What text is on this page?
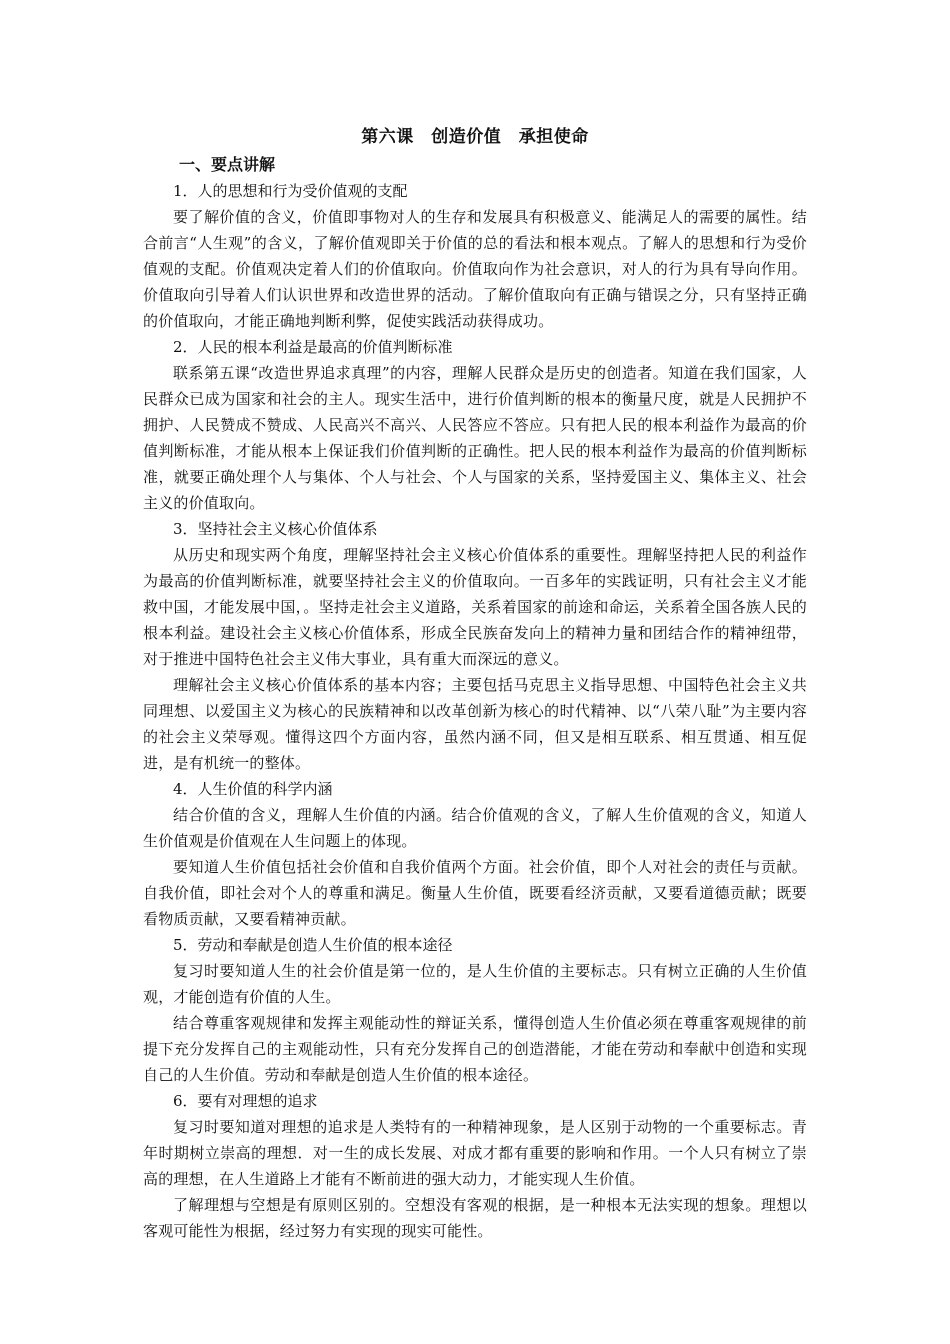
第六课　创造价值　承担使命
一、要点讲解
1．人的思想和行为受价值观的支配

要了解价值的含义，价值即事物对人的生存和发展具有积极意义、能满足人的需要的属性。结合前言“人生观”的含义，了解价值观即关于价值的总的看法和根本观点。了解人的思想和行为受价值观的支配。价值观决定着人们的价值取向。价值取向作为社会意识，对人的行为具有导向作用。价值取向引导着人们认识世界和改造世界的活动。了解价值取向有正确与错误之分，只有坚持正确的价值取向，才能正确地判断利弊，促使实践活动获得成功。

2．人民的根本利益是最高的价值判断标准

联系第五课“改造世界追求真理”的内容，理解人民群众是历史的创造者。知道在我们国家，人民群众已成为国家和社会的主人。现实生活中，进行价值判断的根本的衡量尺度，就是人民拥护不拥护、人民赞成不赞成、人民高兴不高兴、人民答应不答应。只有把人民的根本利益作为最高的价值判断标准，才能从根本上保证我们价值判断的正确性。把人民的根本利益作为最高的价值判断标准，就要正确处理个人与集体、个人与社会、个人与国家的关系，坚持爱国主义、集体主义、社会主义的价值取向。

3．坚持社会主义核心价值体系

从历史和现实两个角度，理解坚持社会主义核心价值体系的重要性。理解坚持把人民的利益作为最高的价值判断标准，就要坚持社会主义的价值取向。一百多年的实践证明，只有社会主义才能救中国，才能发展中国，。坚持走社会主义道路，关系着国家的前途和命运，关系着全国各族人民的根本利益。建设社会主义核心价值体系，形成全民族奋发向上的精神力量和团结合作的精神纽带，对于推进中国特色社会主义伟大事业，具有重大而深远的意义。

理解社会主义核心价值体系的基本内容；主要包括马克思主义指导思想、中国特色社会主义共同理想、以爱国主义为核心的民族精神和以改革创新为核心的时代精神、以“八荣八耻”为主要内容的社会主义荣辱观。懂得这四个方面内容，虽然内涵不同，但又是相互联系、相互贯通、相互促进，是有机统一的整体。

4．人生价值的科学内涵

结合价值的含义，理解人生价值的内涵。结合价值观的含义，了解人生价值观的含义，知道人生价值观是价值观在人生问题上的体现。

要知道人生价值包括社会价值和自我价值两个方面。社会价值，即个人对社会的责任与贡献。自我价值，即社会对个人的尊重和满足。衡量人生价值，既要看经济贡献，又要看道德贡献；既要看物质贡献，又要看精神贡献。

5．劳动和奉献是创造人生价值的根本途径

复习时要知道人生的社会价值是第一位的，是人生价值的主要标志。只有树立正确的人生价值观，才能创造有价值的人生。

结合尊重客观规律和发挥主观能动性的辩证关系，懂得创造人生价值必须在尊重客观规律的前提下充分发挥自己的主观能动性，只有充分发挥自己的创造潜能，才能在劳动和奉献中创造和实现自己的人生价值。劳动和奉献是创造人生价值的根本途径。

6．要有对理想的追求

复习时要知道对理想的追求是人类特有的一种精神现象，是人区别于动物的一个重要标志。青年时期树立崇高的理想．对一生的成长发展、对成才都有重要的影响和作用。一个人只有树立了崇高的理想，在人生道路上才能有不断前进的强大动力，才能实现人生价值。

了解理想与空想是有原则区别的。空想没有客观的根据，是一种根本无法实现的想象。理想以客观可能性为根据，经过努力有实现的现实可能性。
